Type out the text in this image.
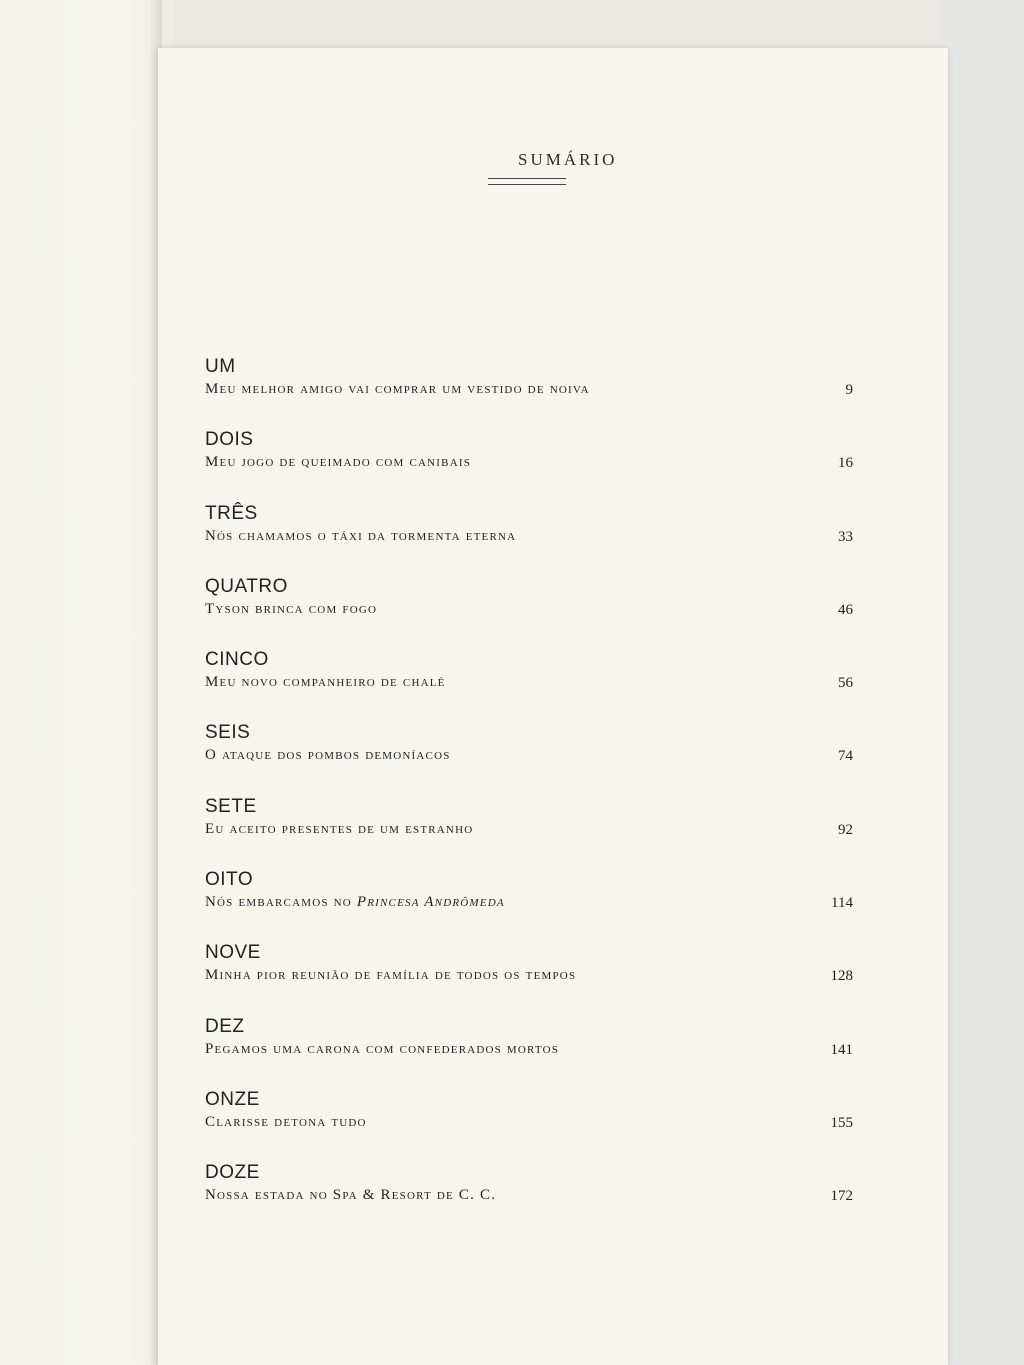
SUMÁRIO
UM
Meu melhor amigo vai comprar um vestido de noiva	9
DOIS
Meu jogo de queimado com canibais	16
TRÊS
Nós chamamos o táxi da tormenta eterna	33
QUATRO
Tyson brinca com fogo	46
CINCO
Meu novo companheiro de chalé	56
SEIS
O ataque dos pombos demoníacos	74
SETE
Eu aceito presentes de um estranho	92
OITO
Nós embarcamos no Princesa Andrômeda	114
NOVE
Minha pior reunião de família de todos os tempos	128
DEZ
Pegamos uma carona com confederados mortos	141
ONZE
Clarisse detona tudo	155
DOZE
Nossa estada no Spa & Resort de C. C.	172
